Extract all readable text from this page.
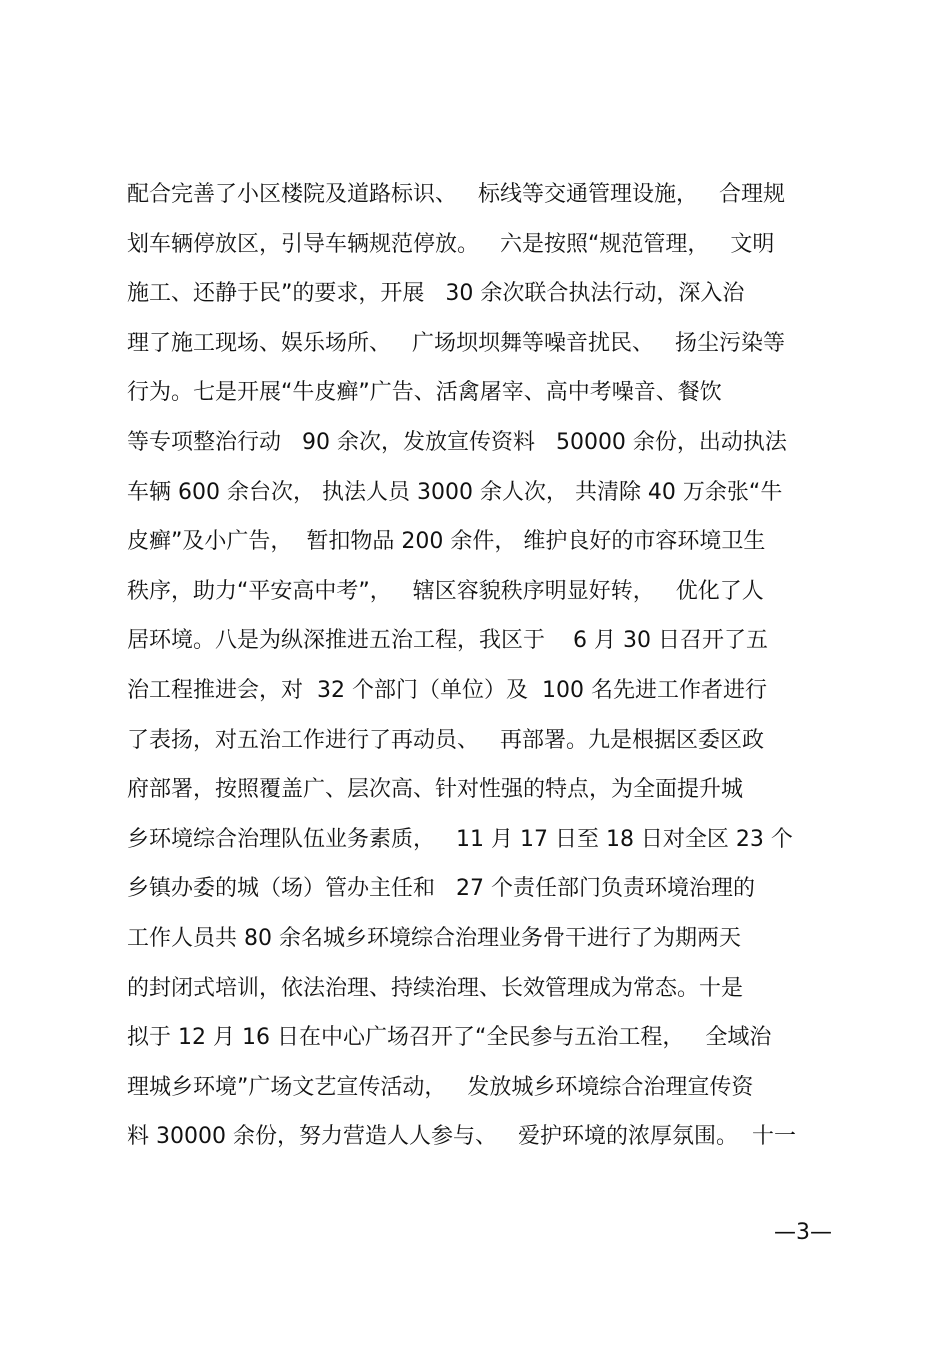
配合完善了小区楼院及道路标识、   标线等交通管理设施，   合理规
划车辆停放区，引导车辆规范停放。   六是按照“规范管理，   文明
施工、还静于民”的要求，开展   30 余次联合执法行动，深入治
理了施工现场、娱乐场所、   广场坝坝舞等噪音扰民、   扬尘污染等
行为。七是开展“牛皮癣”广告、活禽屠宰、高中考噪音、餐饮
等专项整治行动   90 余次，发放宣传资料   50000 余份，出动执法
车辆 600 余台次， 执法人员 3000 余人次， 共清除 40 万余张“牛
皮癣”及小广告，  暂扣物品 200 余件， 维护良好的市容环境卫生
秩序，助力“平安高中考”，   辖区容貌秩序明显好转，   优化了人
居环境。八是为纵深推进五治工程，我区于    6 月 30 日召开了五
治工程推进会，对  32 个部门（单位）及  100 名先进工作者进行
了表扬，对五治工作进行了再动员、   再部署。九是根据区委区政
府部署，按照覆盖广、层次高、针对性强的特点，为全面提升城
乡环境综合治理队伍业务素质，   11 月 17 日至 18 日对全区 23 个
乡镇办委的城（场）管办主任和   27 个责任部门负责环境治理的
工作人员共 80 余名城乡环境综合治理业务骨干进行了为期两天
的封闭式培训，依法治理、持续治理、长效管理成为常态。十是
拟于 12 月 16 日在中心广场召开了“全民参与五治工程，   全域治
理城乡环境”广场文艺宣传活动，   发放城乡环境综合治理宣传资
料 30000 余份，努力营造人人参与、   爱护环境的浓厚氛围。  十一
—3—
